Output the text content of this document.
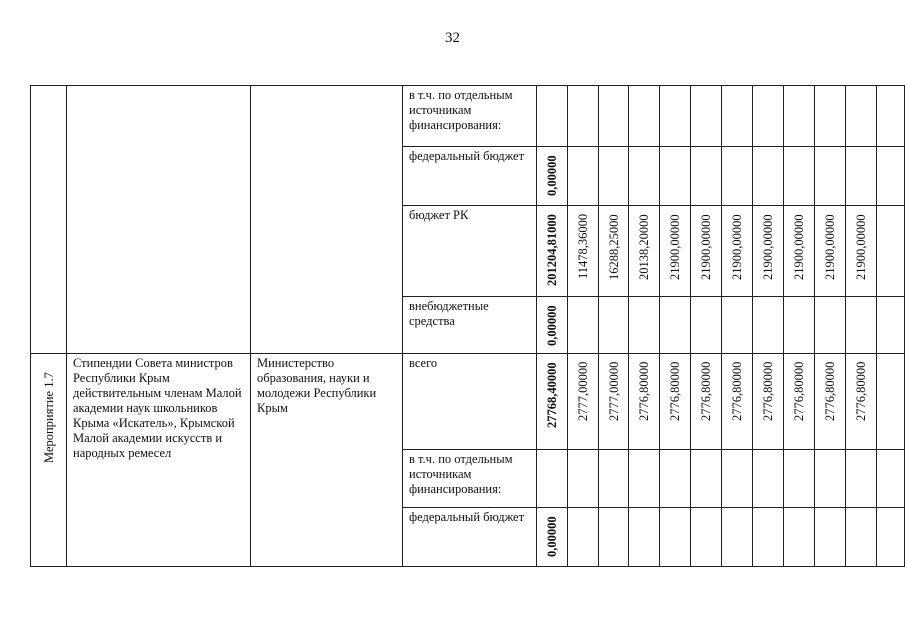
32
в т.ч. по отдельным источникам финансирования:
федеральный бюджет	0,00000
бюджет РК	201204,81000 11478,36000 16288,25000 20138,20000 21900,00000 21900,00000 21900,00000 21900,00000 21900,00000 21900,00000 21900,00000
внебюджетные средства	0,00000
Мероприятие 1.7
Стипендии Совета министров Республики Крым действительным членам Малой академии наук школьников Крыма «Искатель», Крымской Малой академии искусств и народных ремесел
Министерство образования, науки и молодежи Республики Крым
всего	27768,40000 2777,00000 2777,00000 2776,80000 2776,80000 2776,80000 2776,80000 2776,80000 2776,80000 2776,80000 2776,80000
в т.ч. по отдельным источникам финансирования:
федеральный бюджет	0,00000
